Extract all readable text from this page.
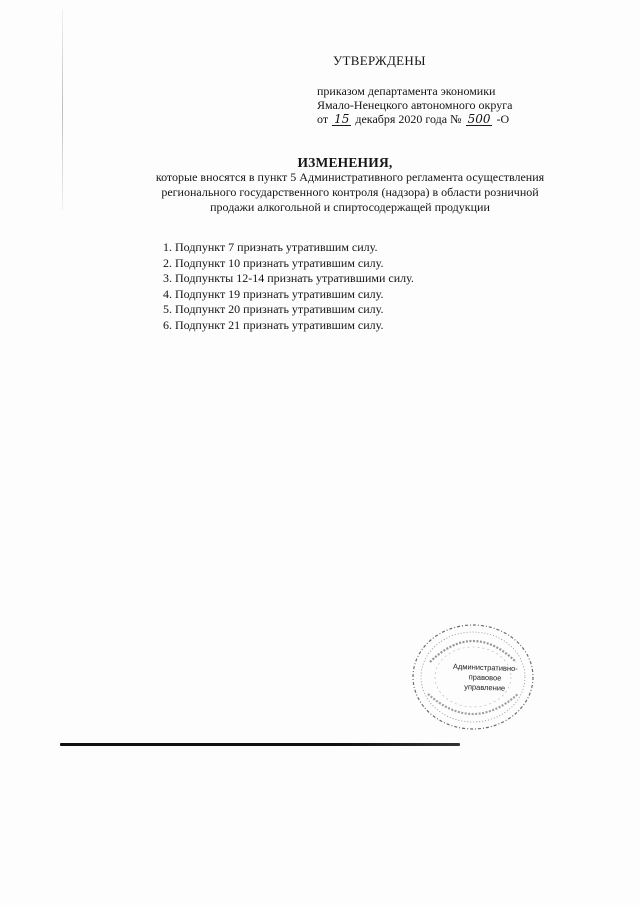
УТВЕРЖДЕНЫ
приказом департамента экономики
Ямало-Ненецкого автономного округа
от 15 декабря 2020 года № 500 -О
ИЗМЕНЕНИЯ,
которые вносятся в пункт 5 Административного регламента осуществления
регионального государственного контроля (надзора) в области розничной
продажи алкогольной и спиртосодержащей продукции
1. Подпункт 7 признать утратившим силу.
2. Подпункт 10 признать утратившим силу.
3. Подпункты 12-14 признать утратившими силу.
4. Подпункт 19 признать утратившим силу.
5. Подпункт 20 признать утратившим силу.
6. Подпункт 21 признать утратившим силу.
Административно-
правовое
управление
